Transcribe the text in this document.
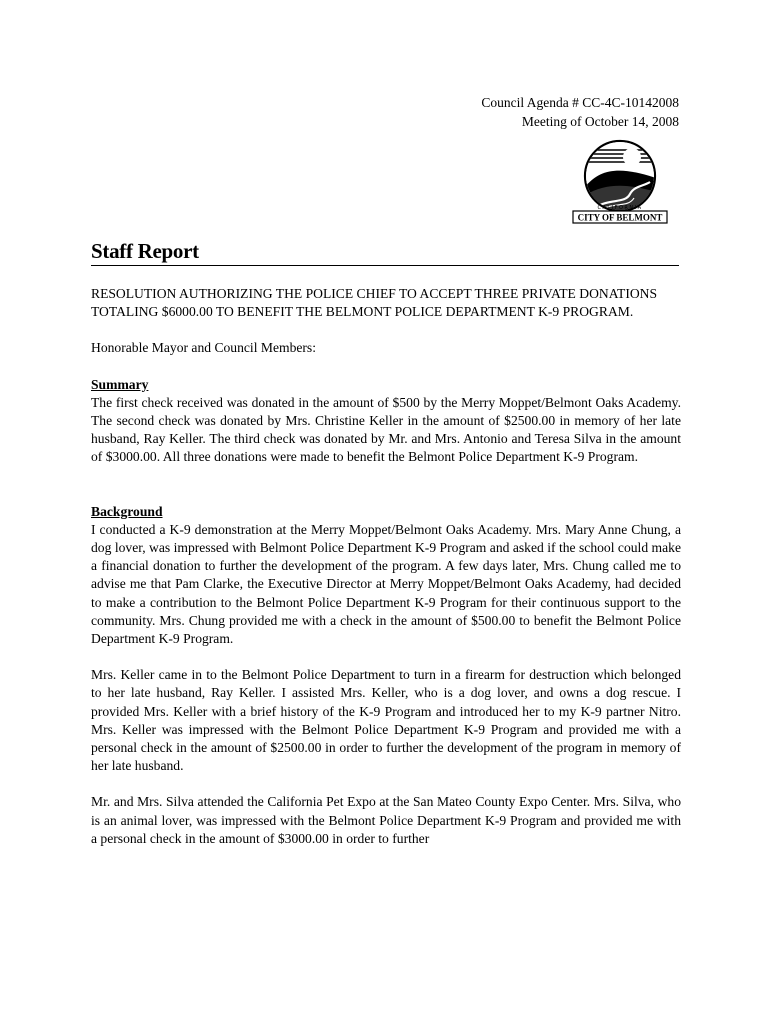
Council Agenda # CC-4C-10142008
Meeting of October 14, 2008
CALIFORNIA
CITY OF BELMONT
Staff Report

RESOLUTION AUTHORIZING THE POLICE CHIEF TO ACCEPT THREE PRIVATE DONATIONS TOTALING $6000.00 TO BENEFIT THE BELMONT POLICE DEPARTMENT K-9 PROGRAM.

Honorable Mayor and Council Members:

Summary

The first check received was donated in the amount of $500 by the Merry Moppet/Belmont Oaks Academy. The second check was donated by Mrs. Christine Keller in the amount of $2500.00 in memory of her late husband, Ray Keller. The third check was donated by Mr. and Mrs. Antonio and Teresa Silva in the amount of $3000.00. All three donations were made to benefit the Belmont Police Department K-9 Program.

Background

I conducted a K-9 demonstration at the Merry Moppet/Belmont Oaks Academy. Mrs. Mary Anne Chung, a dog lover, was impressed with Belmont Police Department K-9 Program and asked if the school could make a financial donation to further the development of the program. A few days later, Mrs. Chung called me to advise me that Pam Clarke, the Executive Director at Merry Moppet/Belmont Oaks Academy, had decided to make a contribution to the Belmont Police Department K-9 Program for their continuous support to the community. Mrs. Chung provided me with a check in the amount of $500.00 to benefit the Belmont Police Department K-9 Program.

Mrs. Keller came in to the Belmont Police Department to turn in a firearm for destruction which belonged to her late husband, Ray Keller. I assisted Mrs. Keller, who is a dog lover, and owns a dog rescue. I provided Mrs. Keller with a brief history of the K-9 Program and introduced her to my K-9 partner Nitro. Mrs. Keller was impressed with the Belmont Police Department K-9 Program and provided me with a personal check in the amount of $2500.00 in order to further the development of the program in memory of her late husband.

Mr. and Mrs. Silva attended the California Pet Expo at the San Mateo County Expo Center. Mrs. Silva, who is an animal lover, was impressed with the Belmont Police Department K-9 Program and provided me with a personal check in the amount of $3000.00 in order to further
